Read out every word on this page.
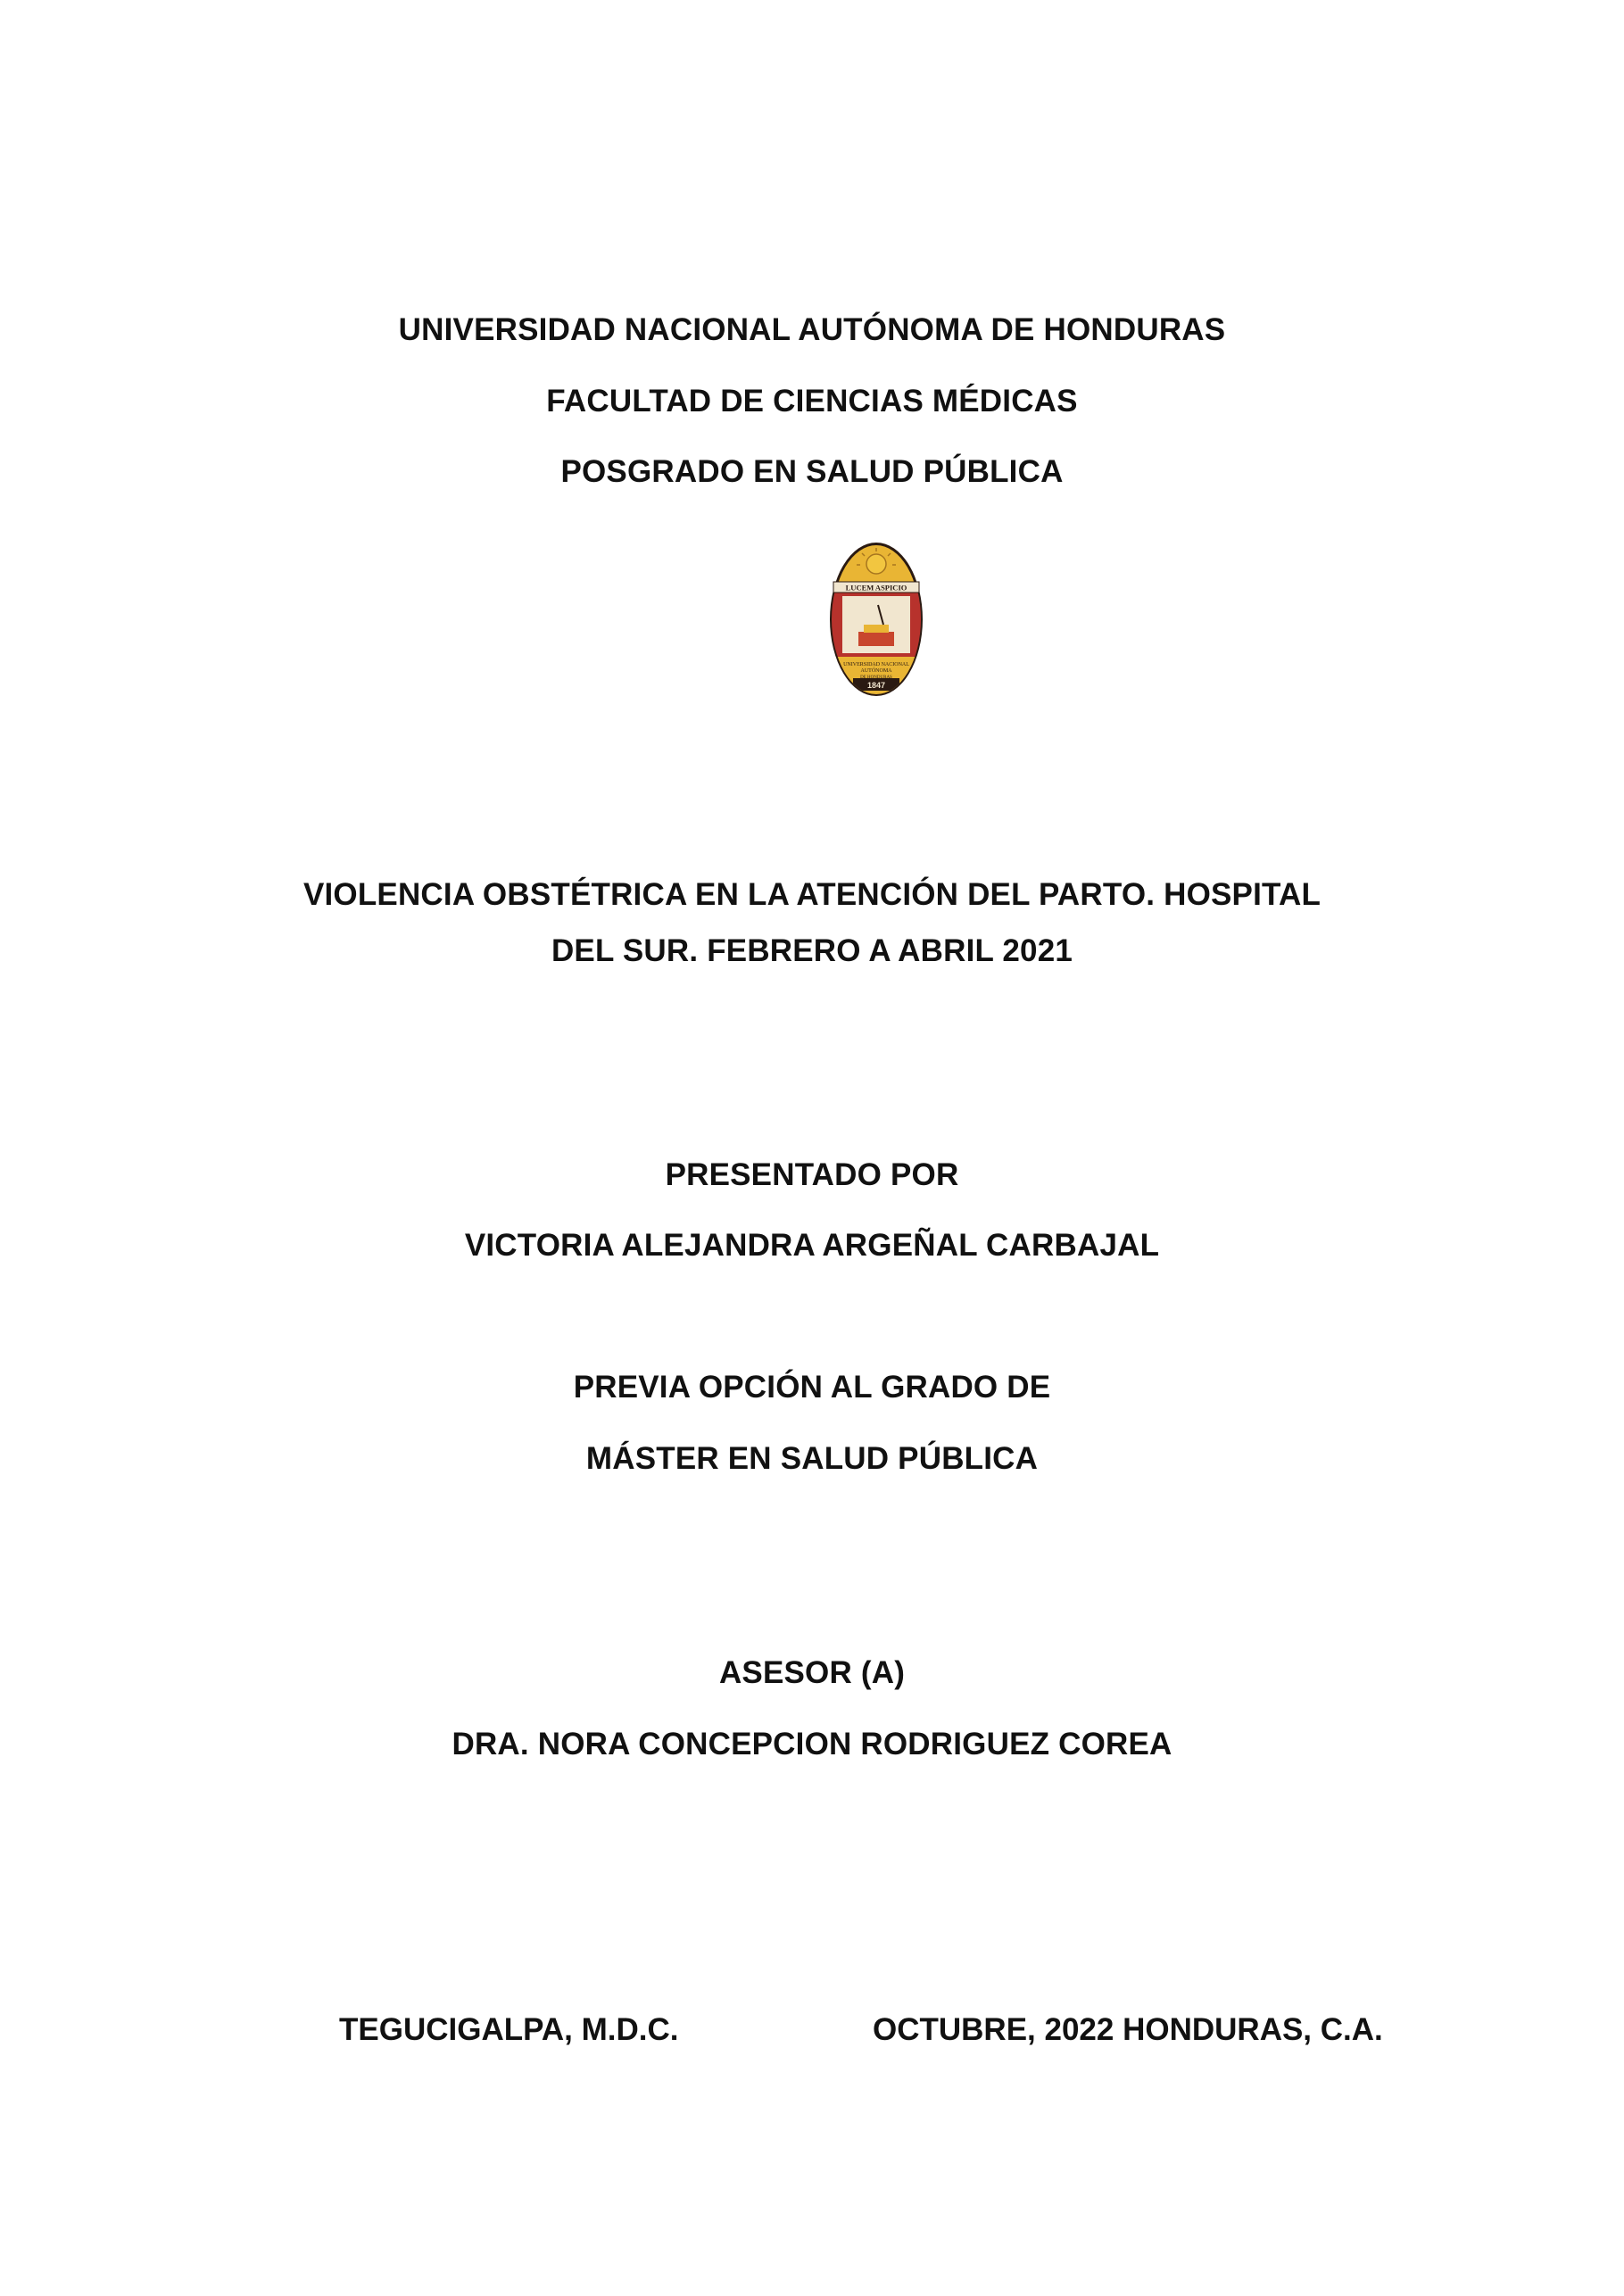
UNIVERSIDAD NACIONAL AUTÓNOMA DE HONDURAS
FACULTAD DE CIENCIAS MÉDICAS
POSGRADO EN SALUD PÚBLICA
LUCEM ASPICIO
UNIVERSIDAD NACIONAL
AUTÓNOMA
DE HONDURAS
1847
VIOLENCIA OBSTÉTRICA EN LA ATENCIÓN DEL PARTO. HOSPITAL
DEL SUR. FEBRERO A ABRIL 2021
PRESENTADO POR
VICTORIA ALEJANDRA ARGEÑAL CARBAJAL
PREVIA OPCIÓN AL GRADO DE
MÁSTER EN SALUD PÚBLICA
ASESOR (A)
DRA. NORA CONCEPCION RODRIGUEZ COREA
TEGUCIGALPA, M.D.C.	OCTUBRE, 2022 HONDURAS, C.A.
